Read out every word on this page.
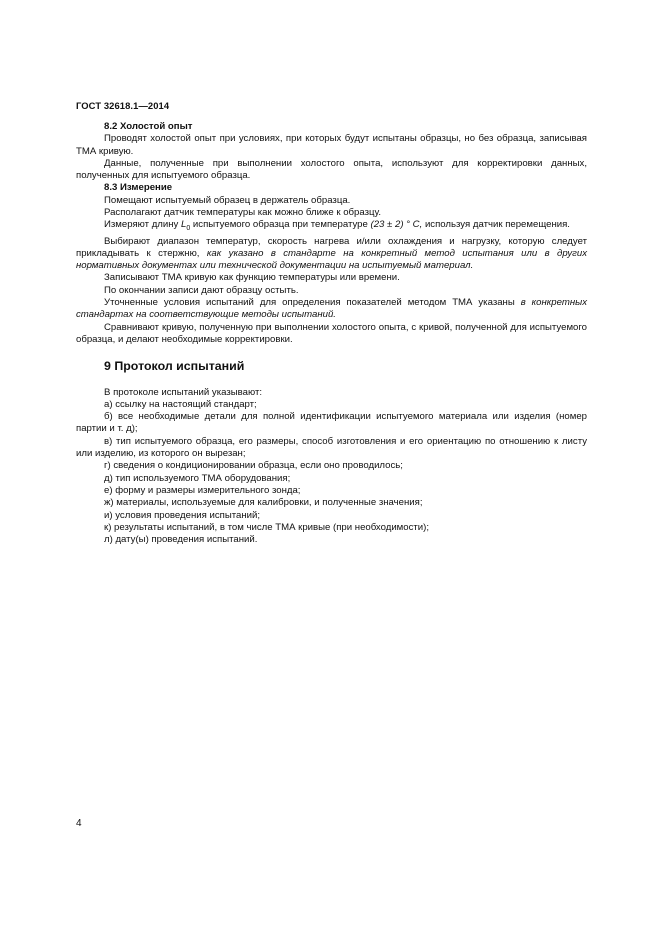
ГОСТ 32618.1—2014
8.2 Холостой опыт
Проводят холостой опыт при условиях, при которых будут испытаны образцы, но без образца, записывая ТМА кривую.
Данные, полученные при выполнении холостого опыта, используют для корректировки данных, полученных для испытуемого образца.
8.3 Измерение
Помещают испытуемый образец в держатель образца.
Располагают датчик температуры как можно ближе к образцу.
Измеряют длину $L_0$ испытуемого образца при температуре (23 ± 2) ° С, используя датчик перемещения.
Выбирают диапазон температур, скорость нагрева и/или охлаждения и нагрузку, которую следует прикладывать к стержню, как указано в стандарте на конкретный метод испытания или в других нормативных документах или технической документации на испытуемый материал.
Записывают ТМА кривую как функцию температуры или времени.
По окончании записи дают образцу остыть.
Уточненные условия испытаний для определения показателей методом ТМА указаны в конкретных стандартах на соответствующие методы испытаний.
Сравнивают кривую, полученную при выполнении холостого опыта, с кривой, полученной для испытуемого образца, и делают необходимые корректировки.
9 Протокол испытаний
В протоколе испытаний указывают:
а) ссылку на настоящий стандарт;
б) все необходимые детали для полной идентификации испытуемого материала или изделия (номер партии и т. д);
в) тип испытуемого образца, его размеры, способ изготовления и его ориентацию по отношению к листу или изделию, из которого он вырезан;
г) сведения о кондиционировании образца, если оно проводилось;
д) тип используемого ТМА оборудования;
е) форму и размеры измерительного зонда;
ж) материалы, используемые для калибровки, и полученные значения;
и) условия проведения испытаний;
к) результаты испытаний, в том числе ТМА кривые (при необходимости);
л) дату(ы) проведения испытаний.
4
